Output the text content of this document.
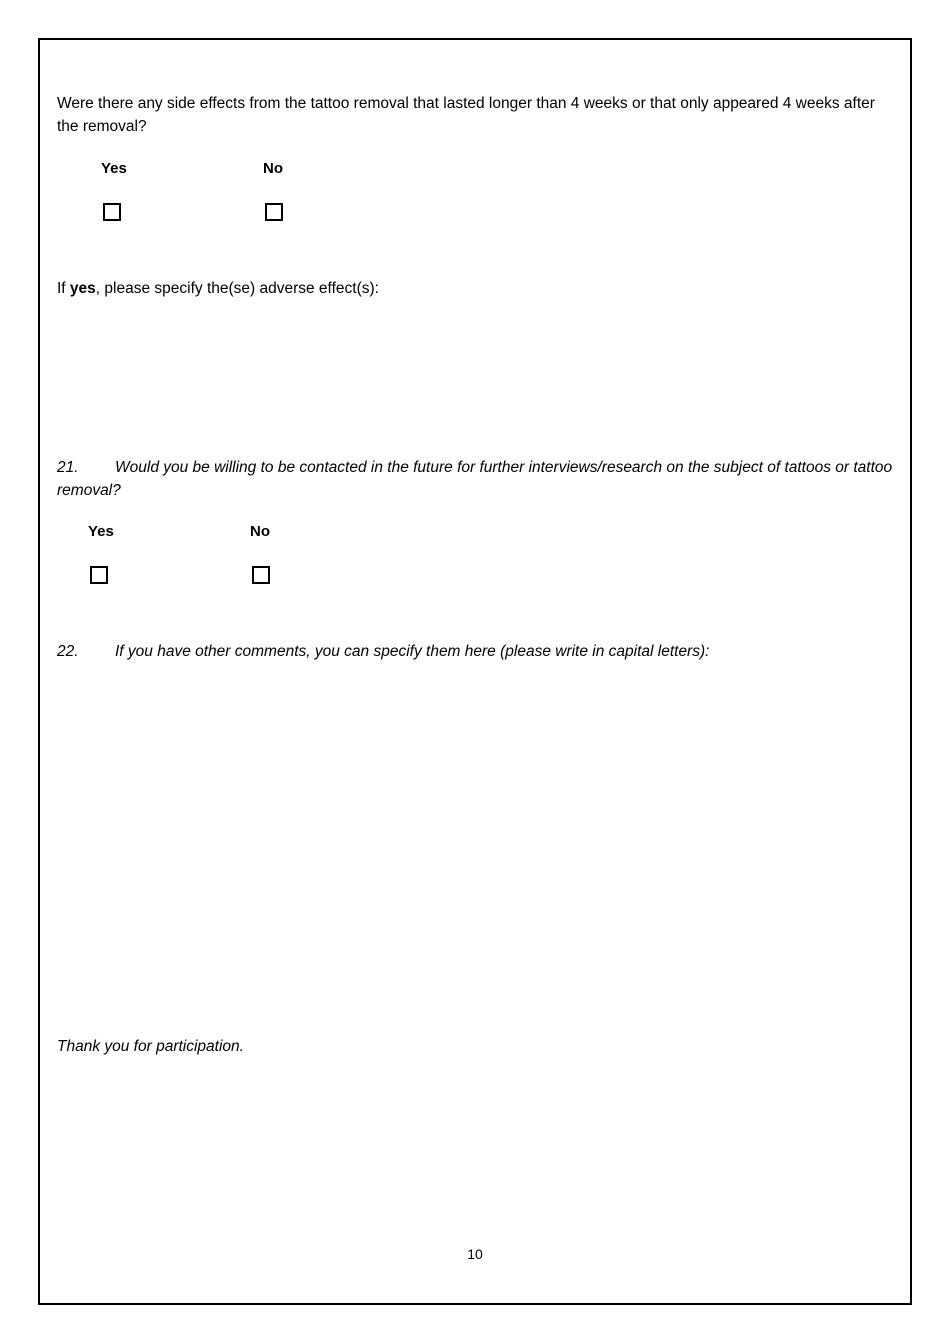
Were there any side effects from the tattoo removal that lasted longer than 4 weeks or that only appeared 4 weeks after the removal?

Yes	No

If yes, please specify the(se) adverse effect(s):

21. Would you be willing to be contacted in the future for further interviews/research on the subject of tattoos or tattoo removal?

Yes	No

22. If you have other comments, you can specify them here (please write in capital letters):

Thank you for participation.

10
